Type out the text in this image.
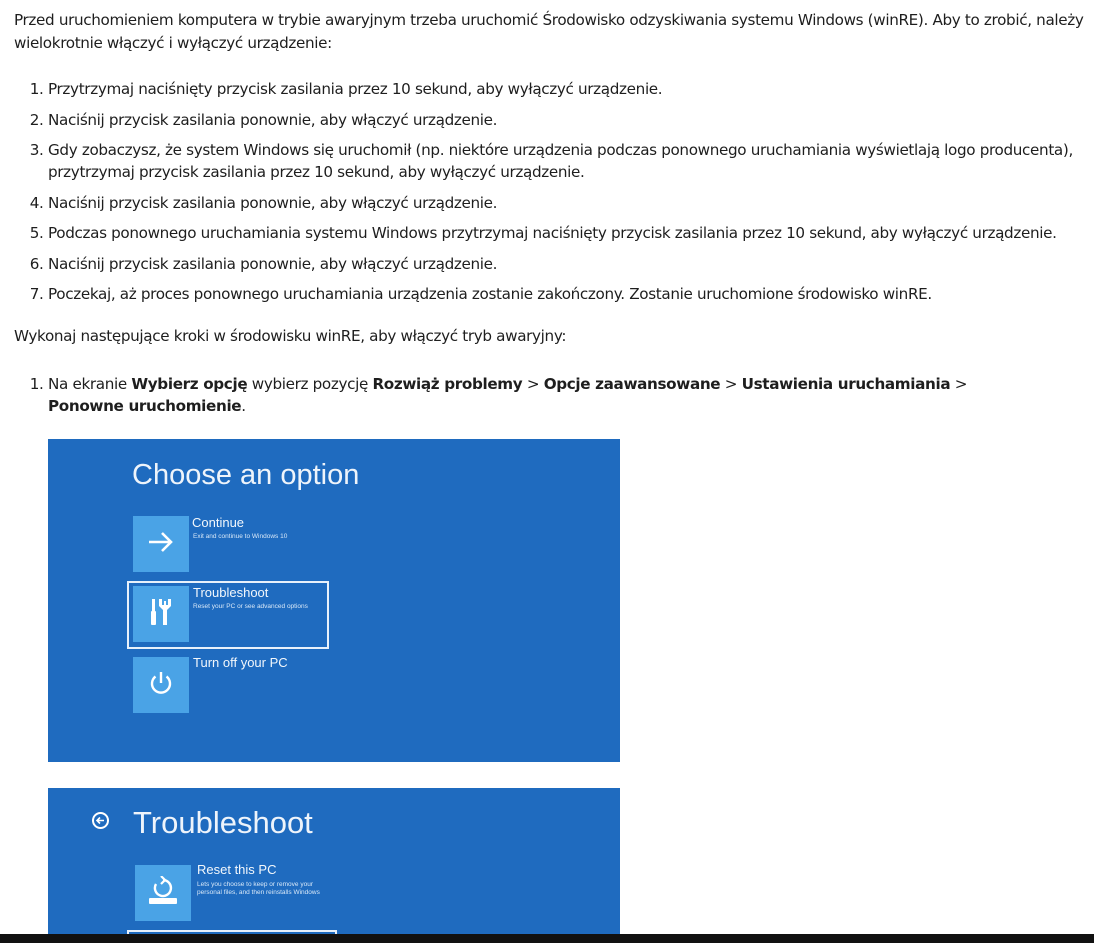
Przed uruchomieniem komputera w trybie awaryjnym trzeba uruchomić Środowisko odzyskiwania systemu Windows (winRE). Aby to zrobić, należy wielokrotnie włączyć i wyłączyć urządzenie:

1. Przytrzymaj naciśnięty przycisk zasilania przez 10 sekund, aby wyłączyć urządzenie.
2. Naciśnij przycisk zasilania ponownie, aby włączyć urządzenie.
3. Gdy zobaczysz, że system Windows się uruchomił (np. niektóre urządzenia podczas ponownego uruchamiania wyświetlają logo producenta), przytrzymaj przycisk zasilania przez 10 sekund, aby wyłączyć urządzenie.
4. Naciśnij przycisk zasilania ponownie, aby włączyć urządzenie.
5. Podczas ponownego uruchamiania systemu Windows przytrzymaj naciśnięty przycisk zasilania przez 10 sekund, aby wyłączyć urządzenie.
6. Naciśnij przycisk zasilania ponownie, aby włączyć urządzenie.
7. Poczekaj, aż proces ponownego uruchamiania urządzenia zostanie zakończony. Zostanie uruchomione środowisko winRE.

Wykonaj następujące kroki w środowisku winRE, aby włączyć tryb awaryjny:

1. Na ekranie Wybierz opcję wybierz pozycję Rozwiąż problemy > Opcje zaawansowane > Ustawienia uruchamiania > Ponowne uruchomienie.
Choose an option
Continue
Exit and continue to Windows 10
Troubleshoot
Reset your PC or see advanced options
Turn off your PC
Troubleshoot
Reset this PC
Lets you choose to keep or remove your personal files, and then reinstalls Windows
